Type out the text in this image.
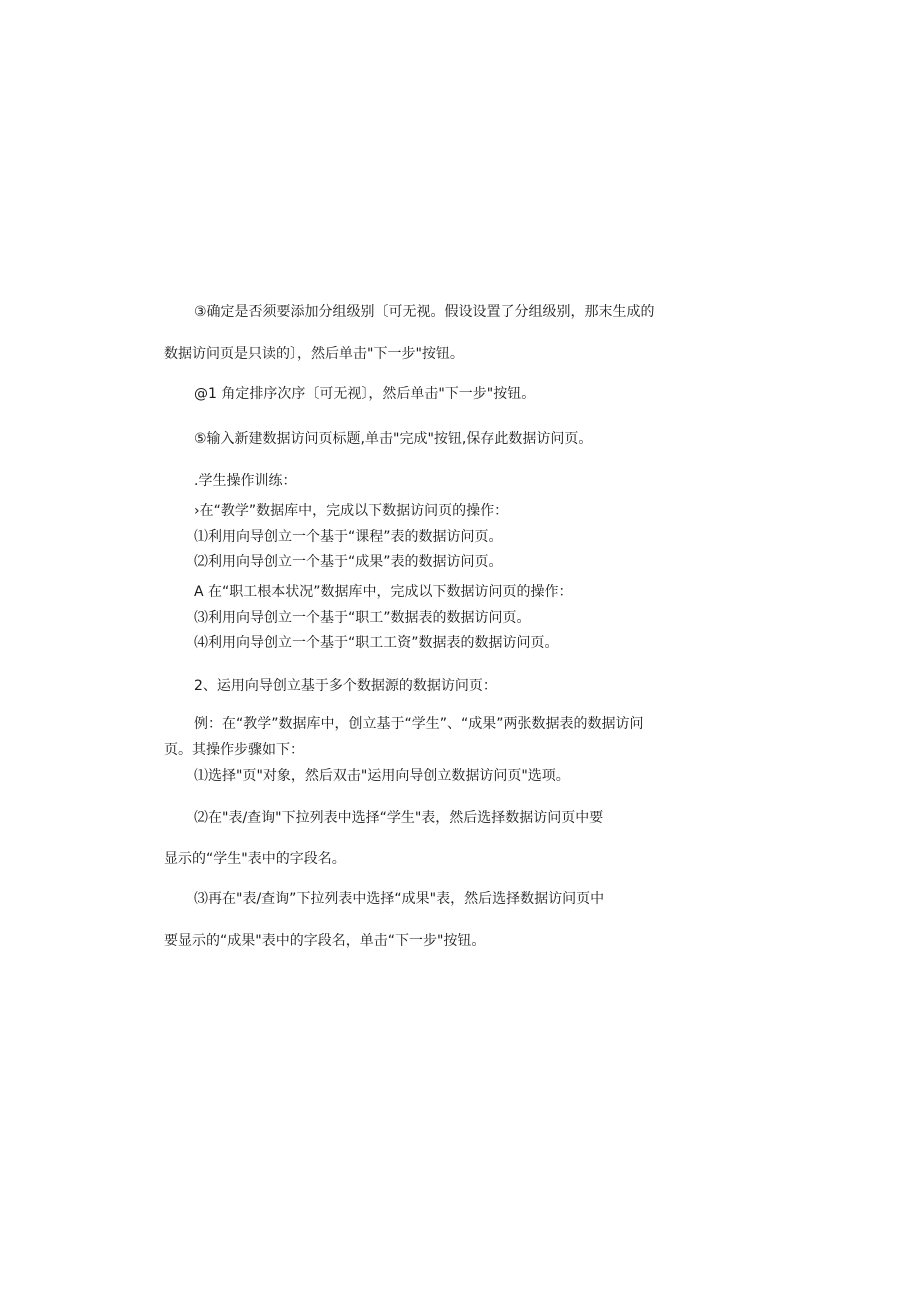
③确定是否须要添加分组级别〔可无视。假设设置了分组级别，那末生成的
数据访问页是只读的〕，然后单击"下一步"按钮。
@1 角定排序次序〔可无视〕，然后单击"下一步"按钮。
⑤输入新建数据访问页标题,单击"完成"按钮,保存此数据访问页。
.学生操作训练：
›在“教学”数据库中，完成以下数据访问页的操作：
⑴利用向导创立一个基于“课程”表的数据访问页。
⑵利用向导创立一个基于“成果”表的数据访问页。
A 在“职工根本状况”数据库中，完成以下数据访问页的操作：
⑶利用向导创立一个基于“职工”数据表的数据访问页。
⑷利用向导创立一个基于“职工工资”数据表的数据访问页。
2、运用向导创立基于多个数据源的数据访问页：
例：在“教学”数据库中，创立基于“学生”、“成果”两张数据表的数据访问
页。其操作步骤如下：
⑴选择"页"对象，然后双击"运用向导创立数据访问页"选项。
⑵在"表/查询"下拉列表中选择“学生"表，然后选择数据访问页中要
显示的“学生"表中的字段名。
⑶再在"表/查询”下拉列表中选择“成果"表，然后选择数据访问页中
要显示的“成果"表中的字段名，单击“下一步"按钮。
